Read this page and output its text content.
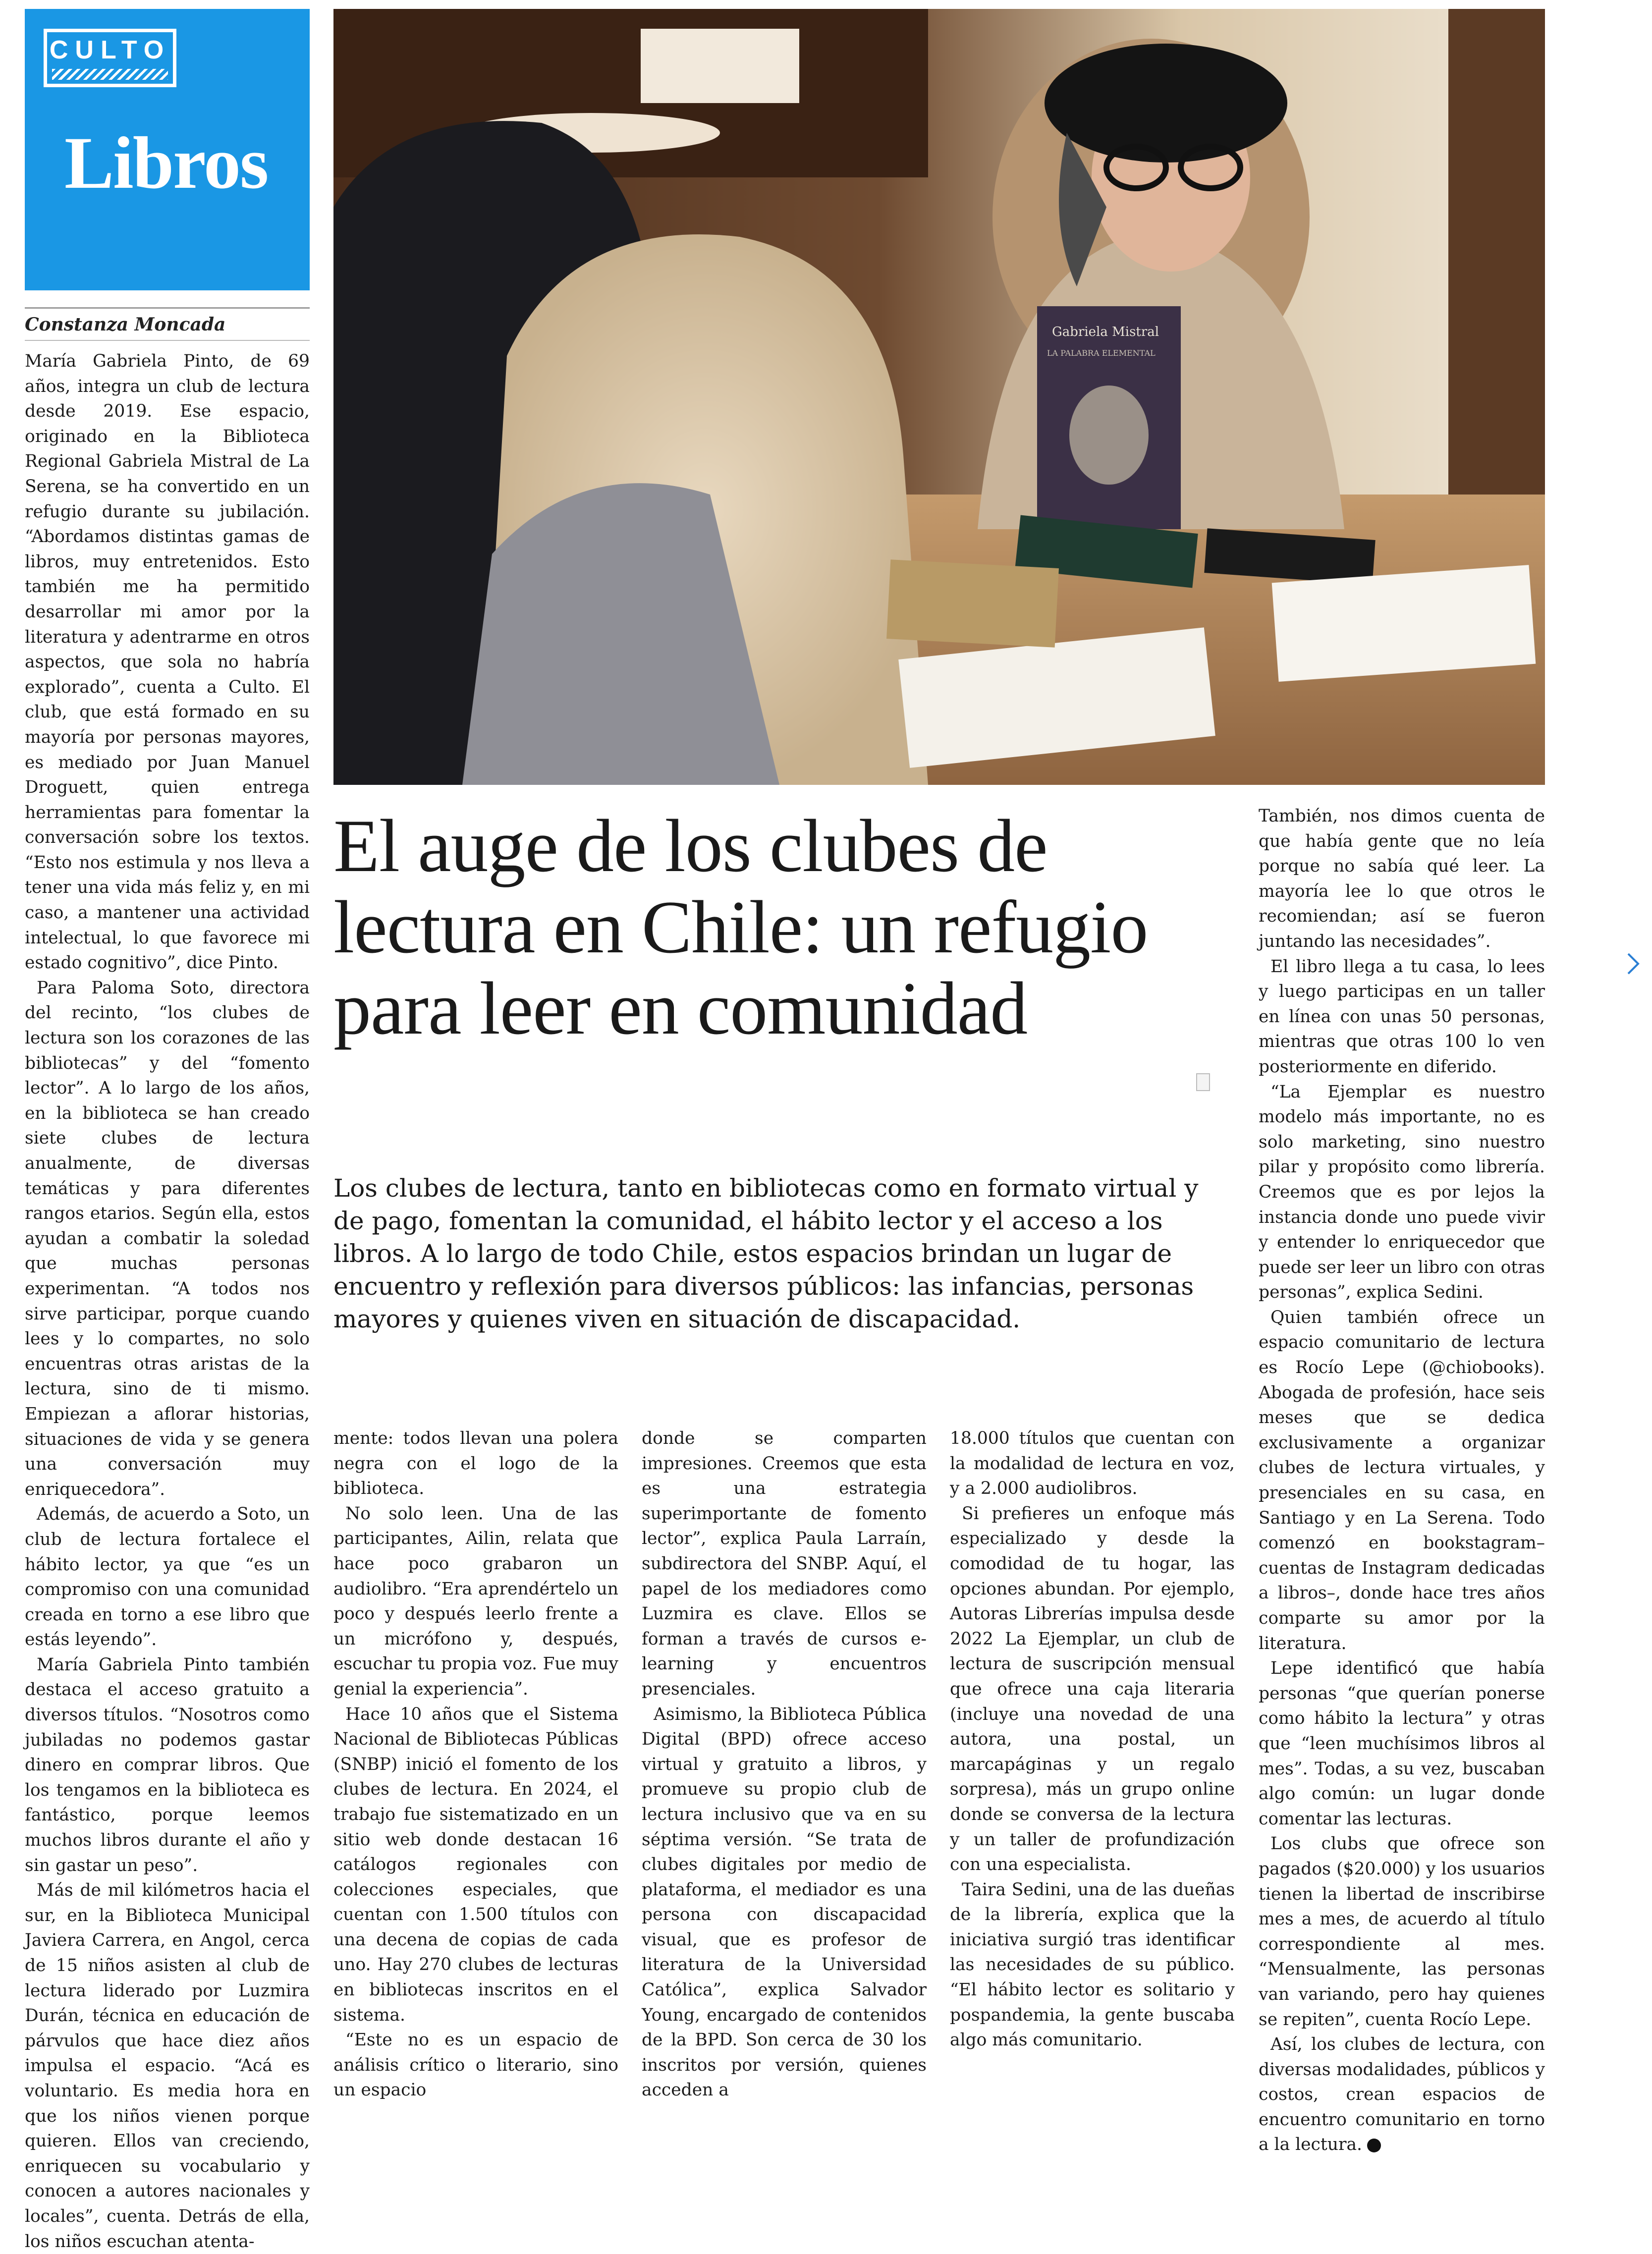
CULTO
Libros
Constanza Moncada

María Gabriela Pinto, de 69 años, integra un club de lectura desde 2019. Ese espacio, originado en la Biblioteca Regional Gabriela Mistral de La Serena, se ha convertido en un refugio durante su jubilación. “Abordamos distintas gamas de libros, muy entretenidos. Esto también me ha permitido desarrollar mi amor por la literatura y adentrarme en otros aspectos, que sola no habría explorado”, cuenta a Culto. El club, que está formado en su mayoría por personas mayores, es mediado por Juan Manuel Droguett, quien entrega herramientas para fomentar la conversación sobre los textos. “Esto nos estimula y nos lleva a tener una vida más feliz y, en mi caso, a mantener una actividad intelectual, lo que favorece mi estado cognitivo”, dice Pinto.

Para Paloma Soto, directora del recinto, “los clubes de lectura son los corazones de las bibliotecas” y del “fomento lector”. A lo largo de los años, en la biblioteca se han creado siete clubes de lectura anualmente, de diversas temáticas y para diferentes rangos etarios. Según ella, estos ayudan a combatir la soledad que muchas personas experimentan. “A todos nos sirve participar, porque cuando lees y lo compartes, no solo encuentras otras aristas de la lectura, sino de ti mismo. Empiezan a aflorar historias, situaciones de vida y se genera una conversación muy enriquecedora”.

Además, de acuerdo a Soto, un club de lectura fortalece el hábito lector, ya que “es un compromiso con una comunidad creada en torno a ese libro que estás leyendo”.

María Gabriela Pinto también destaca el acceso gratuito a diversos títulos. “Nosotros como jubiladas no podemos gastar dinero en comprar libros. Que los tengamos en la biblioteca es fantástico, porque leemos muchos libros durante el año y sin gastar un peso”.

Más de mil kilómetros hacia el sur, en la Biblioteca Municipal Javiera Carrera, en Angol, cerca de 15 niños asisten al club de lectura liderado por Luzmira Durán, técnica en educación de párvulos que hace diez años impulsa el espacio. “Acá es voluntario. Es media hora en que los niños vienen porque quieren. Ellos van creciendo, enriquecen su vocabulario y conocen a autores nacionales y locales”, cuenta. Detrás de ella, los niños escuchan atenta-

Gabriela Mistral
LA PALABRA ELEMENTAL
El auge de los clubes de lectura en Chile: un refugio para leer en comunidad
Los clubes de lectura, tanto en bibliotecas como en formato virtual y de pago, fomentan la comunidad, el hábito lector y el acceso a los libros. A lo largo de todo Chile, estos espacios brindan un lugar de encuentro y reflexión para diversos públicos: las infancias, personas mayores y quienes viven en situación de discapacidad.

mente: todos llevan una polera negra con el logo de la biblioteca.

No solo leen. Una de las participantes, Ailin, relata que hace poco grabaron un audiolibro. “Era aprendértelo un poco y después leerlo frente a un micrófono y, después, escuchar tu propia voz. Fue muy genial la experiencia”.

Hace 10 años que el Sistema Nacional de Bibliotecas Públicas (SNBP) inició el fomento de los clubes de lectura. En 2024, el trabajo fue sistematizado en un sitio web donde destacan 16 catálogos regionales con colecciones especiales, que cuentan con 1.500 títulos con una decena de copias de cada uno. Hay 270 clubes de lecturas en bibliotecas inscritos en el sistema.

“Este no es un espacio de análisis crítico o literario, sino un espacio

donde se comparten impresiones. Creemos que esta es una estrategia superimportante de fomento lector”, explica Paula Larraín, subdirectora del SNBP. Aquí, el papel de los mediadores como Luzmira es clave. Ellos se forman a través de cursos e-learning y encuentros presenciales.

Asimismo, la Biblioteca Pública Digital (BPD) ofrece acceso virtual y gratuito a libros, y promueve su propio club de lectura inclusivo que va en su séptima versión. “Se trata de clubes digitales por medio de plataforma, el mediador es una persona con discapacidad visual, que es profesor de literatura de la Universidad Católica”, explica Salvador Young, encargado de contenidos de la BPD. Son cerca de 30 los inscritos por versión, quienes acceden a

18.000 títulos que cuentan con la modalidad de lectura en voz, y a 2.000 audiolibros.

Si prefieres un enfoque más especializado y desde la comodidad de tu hogar, las opciones abundan. Por ejemplo, Autoras Librerías impulsa desde 2022 La Ejemplar, un club de lectura de suscripción mensual que ofrece una caja literaria (incluye una novedad de una autora, una postal, un marcapáginas y un regalo sorpresa), más un grupo online donde se conversa de la lectura y un taller de profundización con una especialista.

Taira Sedini, una de las dueñas de la librería, explica que la iniciativa surgió tras identificar las necesidades de su público. “El hábito lector es solitario y pospandemia, la gente buscaba algo más comunitario.

También, nos dimos cuenta de que había gente que no leía porque no sabía qué leer. La mayoría lee lo que otros le recomiendan; así se fueron juntando las necesidades”.

El libro llega a tu casa, lo lees y luego participas en un taller en línea con unas 50 personas, mientras que otras 100 lo ven posteriormente en diferido.

“La Ejemplar es nuestro modelo más importante, no es solo marketing, sino nuestro pilar y propósito como librería. Creemos que es por lejos la instancia donde uno puede vivir y entender lo enriquecedor que puede ser leer un libro con otras personas”, explica Sedini.

Quien también ofrece un espacio comunitario de lectura es Rocío Lepe (@chiobooks). Abogada de profesión, hace seis meses que se dedica exclusivamente a organizar clubes de lectura virtuales, y presenciales en su casa, en Santiago y en La Serena. Todo comenzó en bookstagram–cuentas de Instagram dedicadas a libros–, donde hace tres años comparte su amor por la literatura.

Lepe identificó que había personas “que querían ponerse como hábito la lectura” y otras que “leen muchísimos libros al mes”. Todas, a su vez, buscaban algo común: un lugar donde comentar las lecturas.

Los clubs que ofrece son pagados ($20.000) y los usuarios tienen la libertad de inscribirse mes a mes, de acuerdo al título correspondiente al mes. “Mensualmente, las personas van variando, pero hay quienes se repiten”, cuenta Rocío Lepe.

Así, los clubes de lectura, con diversas modalidades, públicos y costos, crean espacios de encuentro comunitario en torno a la lectura.
